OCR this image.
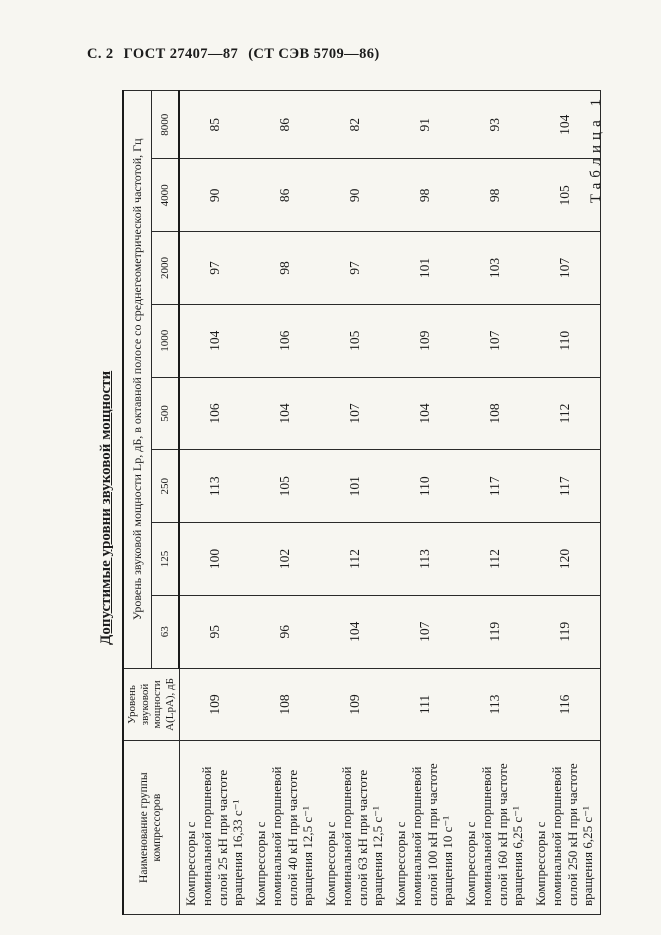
С. 2 ГОСТ 27407—87 (СТ СЭВ 5709—86)
Таблица 1
Допустимые уровни звуковой мощности
Наименование группы компрессоров	Уровень звуковой мощности A(LpA), дБ	Уровень звуковой мощности Lp, дБ, в октавной полосе со среднегеометрической частотой, Гц							
		63	125	250	500	1000	2000	4000	8000
Компрессоры с номинальной поршневой силой 25 кН при частоте вращения 16,33 с⁻¹	109	95	100	113	106	104	97	90	85
Компрессоры с номинальной поршневой силой 40 кН при частоте вращения 12,5 с⁻¹	108	96	102	105	104	106	98	86	86
Компрессоры с номинальной поршневой силой 63 кН при частоте вращения 12,5 с⁻¹	109	104	112	101	107	105	97	90	82
Компрессоры с номинальной поршневой силой 100 кН при частоте вращения 10 с⁻¹	111	107	113	110	104	109	101	98	91
Компрессоры с номинальной поршневой силой 160 кН при частоте вращения 6,25 с⁻¹	113	119	112	117	108	107	103	98	93
Компрессоры с номинальной поршневой силой 250 кН при частоте вращения 6,25 с⁻¹	116	119	120	117	112	110	107	105	104
